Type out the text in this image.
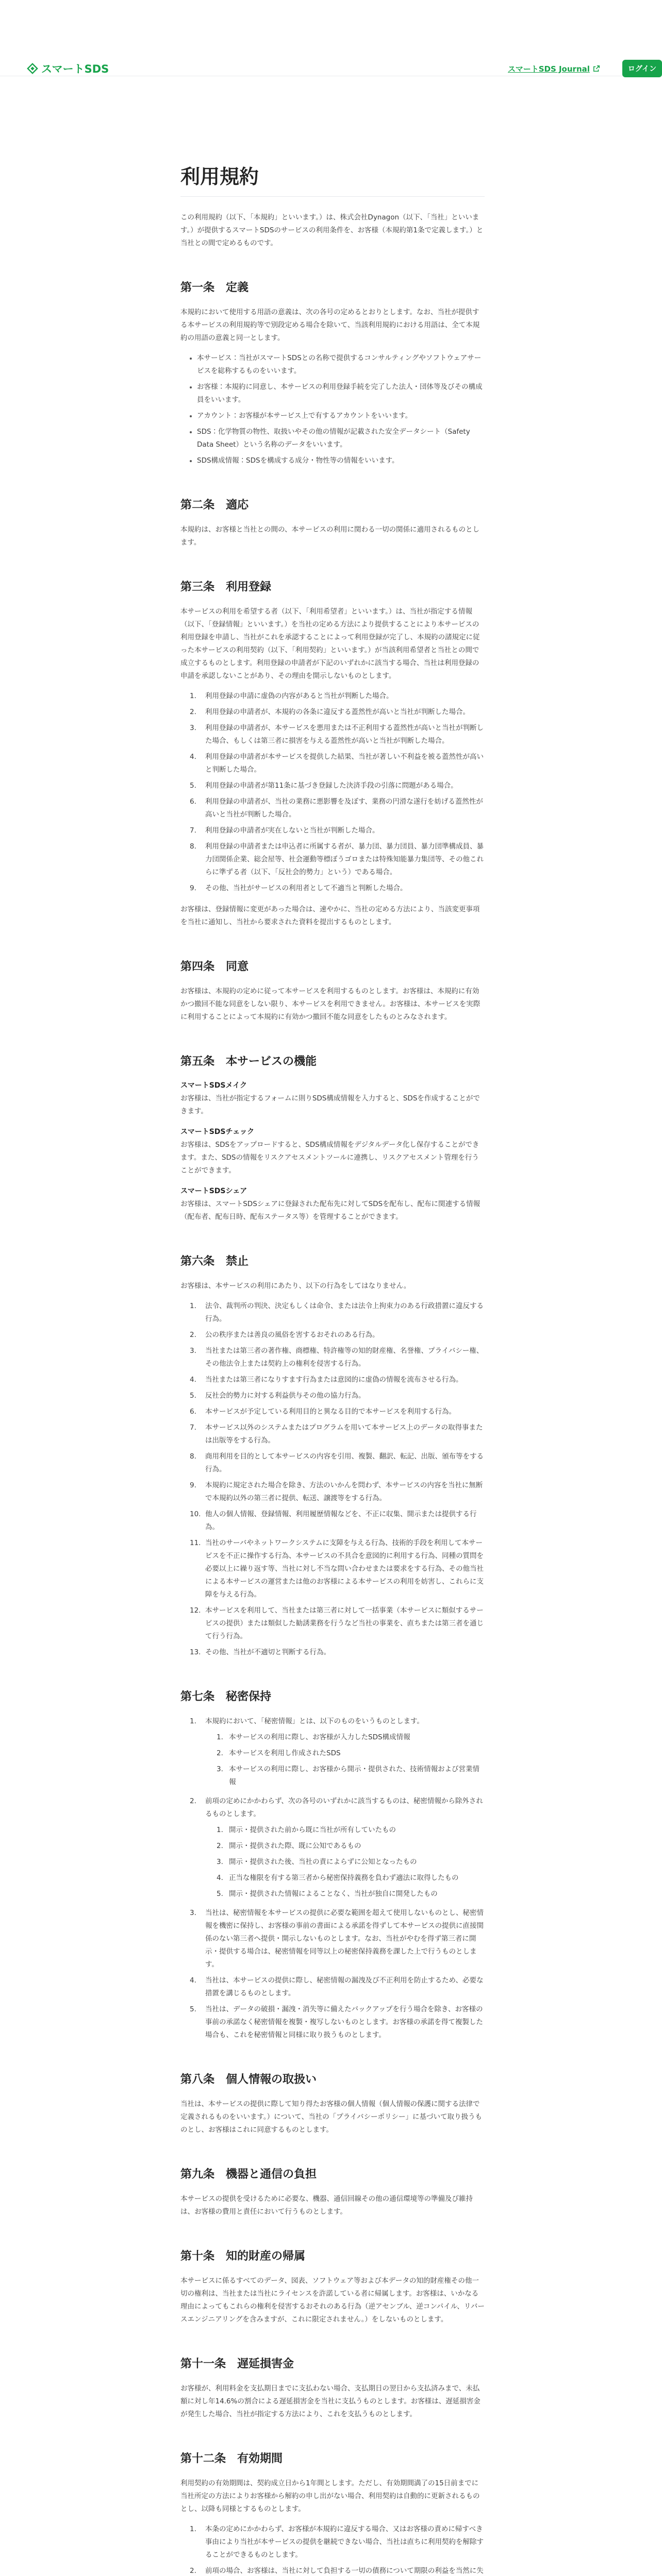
スマートSDS	スマートSDS Journal	ログイン
利用規約

この利用規約（以下、「本規約」といいます。）は、株式会社Dynagon（以下、「当社」といいます。）が提供するスマートSDSのサービスの利用条件を、お客様（本規約第1条で定義します。）と当社との間で定めるものです。

第一条　定義

本規約において使用する用語の意義は、次の各号の定めるとおりとします。なお、当社が提供する本サービスの利用規約等で別段定める場合を除いて、当該利用規約における用語は、全て本規約の用語の意義と同一とします。

本サービス：当社がスマートSDSとの名称で提供するコンサルティングやソフトウェアサービスを総称するものをいいます。
お客様：本規約に同意し、本サービスの利用登録手続を完了した法人・団体等及びその構成員をいいます。
アカウント：お客様が本サービス上で有するアカウントをいいます。
SDS：化学物質の物性、取扱いやその他の情報が記載された安全データシート（Safety Data Sheet）という名称のデータをいいます。
SDS構成情報：SDSを構成する成分・物性等の情報をいいます。
第二条　適応

本規約は、お客様と当社との間の、本サービスの利用に関わる一切の関係に適用されるものとします。

第三条　利用登録

本サービスの利用を希望する者（以下、「利用希望者」といいます。）は、当社が指定する情報（以下、「登録情報」といいます。）を当社の定める方法により提供することにより本サービスの利用登録を申請し、当社がこれを承認することによって利用登録が完了し、本規約の諸規定に従った本サービスの利用契約（以下、「利用契約」といいます。）が当該利用希望者と当社との間で成立するものとします。利用登録の申請者が下記のいずれかに該当する場合、当社は利用登録の申請を承認しないことがあり、その理由を開示しないものとします。

1.	利用登録の申請に虚偽の内容があると当社が判断した場合。
2.	利用登録の申請者が、本規約の各条に違反する蓋然性が高いと当社が判断した場合。
3.	利用登録の申請者が、本サービスを悪用または不正利用する蓋然性が高いと当社が判断した場合、もしくは第三者に損害を与える蓋然性が高いと当社が判断した場合。
4.	利用登録の申請者が本サービスを提供した結果、当社が著しい不利益を被る蓋然性が高いと判断した場合。
5.	利用登録の申請者が第11条に基づき登録した決済手段の引落に問題がある場合。
6.	利用登録の申請者が、当社の業務に悪影響を及ぼす、業務の円滑な遂行を妨げる蓋然性が高いと当社が判断した場合。
7.	利用登録の申請者が実在しないと当社が判断した場合。
8.	利用登録の申請者または申込者に所属する者が、暴力団、暴力団員、暴力団準構成員、暴力団関係企業、総会屋等、社会運動等標ぼうゴロまたは特殊知能暴力集団等、その他これらに準ずる者（以下、「反社会的勢力」という）である場合。
9.	その他、当社がサービスの利用者として不適当と判断した場合。

お客様は、登録情報に変更があった場合は、速やかに、当社の定める方法により、当該変更事項を当社に通知し、当社から要求された資料を提出するものとします。

第四条　同意

お客様は、本規約の定めに従って本サービスを利用するものとします。お客様は、本規約に有効かつ撤回不能な同意をしない限り、本サービスを利用できません。お客様は、本サービスを実際に利用することによって本規約に有効かつ撤回不能な同意をしたものとみなされます。

第五条　本サービスの機能
スマートSDSメイク

お客様は、当社が指定するフォームに則りSDS構成情報を入力すると、SDSを作成することができます。

スマートSDSチェック

お客様は、SDSをアップロードすると、SDS構成情報をデジタルデータ化し保存することができます。また、SDSの情報をリスクアセスメントツールに連携し、リスクアセスメント管理を行うことができます。

スマートSDSシェア

お客様は、スマートSDSシェアに登録された配布先に対してSDSを配布し、配布に関連する情報（配布者、配布日時、配布ステータス等）を管理することができます。

第六条　禁止

お客様は、本サービスの利用にあたり、以下の行為をしてはなりません。

1.	法令、裁判所の判決、決定もしくは命令、または法令上拘束力のある行政措置に違反する行為。
2.	公の秩序または善良の風俗を害するおそれのある行為。
3.	当社または第三者の著作権、商標権、特許権等の知的財産権、名誉権、プライバシー権、その他法令上または契約上の権利を侵害する行為。
4.	当社または第三者になりすます行為または意図的に虚偽の情報を流布させる行為。
5.	反社会的勢力に対する利益供与その他の協力行為。
6.	本サービスが予定している利用目的と異なる目的で本サービスを利用する行為。
7.	本サービス以外のシステムまたはプログラムを用いて本サービス上のデータの取得事または出版等をする行為。
8.	商用利用を目的として本サービスの内容を引用、複製、翻訳、転記、出版、頒布等をする行為。
9.	本規約に規定された場合を除き、方法のいかんを問わず、本サービスの内容を当社に無断で本規約以外の第三者に提供、転送、譲渡等をする行為。
10. 他人の個人情報、登録情報、利用履歴情報などを、不正に収集、開示または提供する行為。
11. 当社のサーバやネットワークシステムに支障を与える行為、技術的手段を利用して本サービスを不正に操作する行為、本サービスの不具合を意図的に利用する行為、同種の質問を必要以上に繰り返す等、当社に対し不当な問い合わせまたは要求をする行為、その他当社による本サービスの運営または他のお客様による本サービスの利用を妨害し、これらに支障を与える行為。
12. 本サービスを利用して、当社または第三者に対して一括事業（本サービスに類似するサービスの提供）または類似した勧誘業務を行うなど当社の事業を、直ちまたは第三者を通じて行う行為。
13. その他、当社が不適切と判断する行為。
第七条　秘密保持
1.	本規約において、「秘密情報」とは、以下のものをいうものとします。
1. 本サービスの利用に際し、お客様が入力したSDS構成情報
2. 本サービスを利用し作成されたSDS
3. 本サービスの利用に際し、お客様から開示・提供された、技術情報および営業情報
2.	前項の定めにかかわらず、次の各号のいずれかに該当するものは、秘密情報から除外されるものとします。
1. 開示・提供された前から既に当社が所有していたもの
2. 開示・提供された際、既に公知であるもの
3. 開示・提供された後、当社の責によらずに公知となったもの
4. 正当な権限を有する第三者から秘密保持義務を負わず適法に取得したもの
5. 開示・提供された情報によることなく、当社が独自に開発したもの
3.	当社は、秘密情報を本サービスの提供に必要な範囲を超えて使用しないものとし、秘密情報を機密に保持し、お客様の事前の書面による承諾を得ずして本サービスの提供に直接関係のない第三者へ提供・開示しないものとします。なお、当社がやむを得ず第三者に開示・提供する場合は、秘密情報を同等以上の秘密保持義務を課した上で行うものとします。
4.	当社は、本サービスの提供に際し、秘密情報の漏洩及び不正利用を防止するため、必要な措置を講じるものとします。
5.	当社は、データの破損・漏洩・消失等に備えたバックアップを行う場合を除き、お客様の事前の承諾なく秘密情報を複製・複写しないものとします。お客様の承諾を得て複製した場合も、これを秘密情報と同様に取り扱うものとします。
第八条　個人情報の取扱い

当社は、本サービスの提供に際して知り得たお客様の個人情報（個人情報の保護に関する法律で定義されるものをいいます。）について、当社の「プライバシーポリシー」に基づいて取り扱うものとし、お客様はこれに同意するものとします。

第九条　機器と通信の負担

本サービスの提供を受けるために必要な、機器、通信回線その他の通信環境等の準備及び維持は、お客様の費用と責任において行うものとします。

第十条　知的財産の帰属

本サービスに係るすべてのデータ、図表、ソフトウェア等および本データの知的財産権その他一切の権利は、当社または当社にライセンスを許諾している者に帰属します。お客様は、いかなる理由によってもこれらの権利を侵害するおそれのある行為（逆アセンブル、逆コンパイル、リバースエンジニアリングを含みますが、これに限定されません。）をしないものとします。

第十一条　遅延損害金

お客様が、利用料金を支払期日までに支払わない場合、支払期日の翌日から支払済みまで、未払額に対し年14.6%の割合による遅延損害金を当社に支払うものとします。お客様は、遅延損害金が発生した場合、当社が指定する方法により、これを支払うものとします。

第十二条　有効期間

利用契約の有効期間は、契約成立日から1年間とします。ただし、有効期間満了の15日前までに当社所定の方法によりお客様から解約の申し出がない場合、利用契約は自動的に更新されるものとし、以降も同様とするものとします。

1.	本条の定めにかかわらず、お客様が本規約に違反する場合、又はお客様の責めに帰すべき事由により当社が本サービスの提供を継続できない場合、当社は直ちに利用契約を解除することができるものとします。
2.	前項の場合、お客様は、当社に対して負担する一切の債務について期限の利益を当然に失
